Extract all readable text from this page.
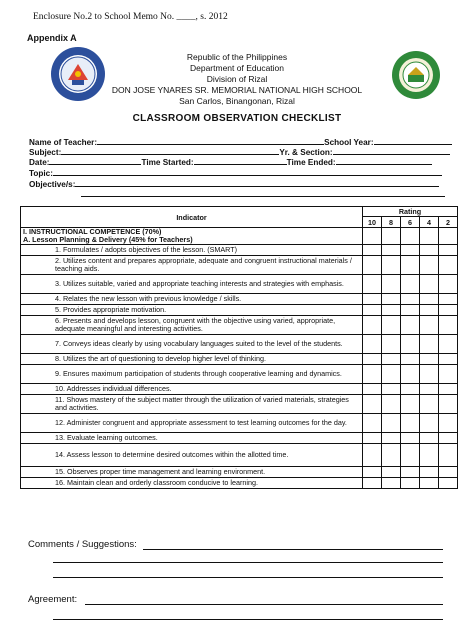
Enclosure No.2 to School Memo No. ____, s. 2012
Appendix A
Republic of the Philippines
Department of Education
Division of Rizal
DON JOSE YNARES SR. MEMORIAL NATIONAL HIGH SCHOOL
San Carlos, Binangonan, Rizal
CLASSROOM OBSERVATION CHECKLIST
Name of Teacher:	School Year:
Subject:	Yr. & Section:
Date:	Time Started:	Time Ended:
Topic:
Objective/s:
Indicator	Rating				
	10	8	6	4	2

I. INSTRUCTIONAL COMPETENCE (70%)
A. Lesson Planning & Delivery (45% for Teachers)					

1. Formulates / adopts objectives of the lesson. (SMART)					

2. Utilizes content and prepares appropriate, adequate and congruent instructional materials / teaching aids.					

3. Utilizes suitable, varied and appropriate teaching interests and strategies with emphasis.					

4. Relates the new lesson with previous knowledge / skills.					

5. Provides appropriate motivation.					

6. Presents and develops lesson, congruent with the objective using varied, appropriate, adequate meaningful and interesting activities.					

7. Conveys ideas clearly by using vocabulary languages suited to the level of the students.					

8. Utilizes the art of questioning to develop higher level of thinking.					

9. Ensures maximum participation of students through cooperative learning and dynamics.					

10. Addresses individual differences.					

11. Shows mastery of the subject matter through the utilization of varied materials, strategies and activities.					

12. Administer congruent and appropriate assessment to test learning outcomes for the day.					

13. Evaluate learning outcomes.					

14. Assess lesson to determine desired outcomes within the allotted time.					

15. Observes proper time management and learning environment.					

16. Maintain clean and orderly classroom conducive to learning.					

Comments / Suggestions:
Agreement:
